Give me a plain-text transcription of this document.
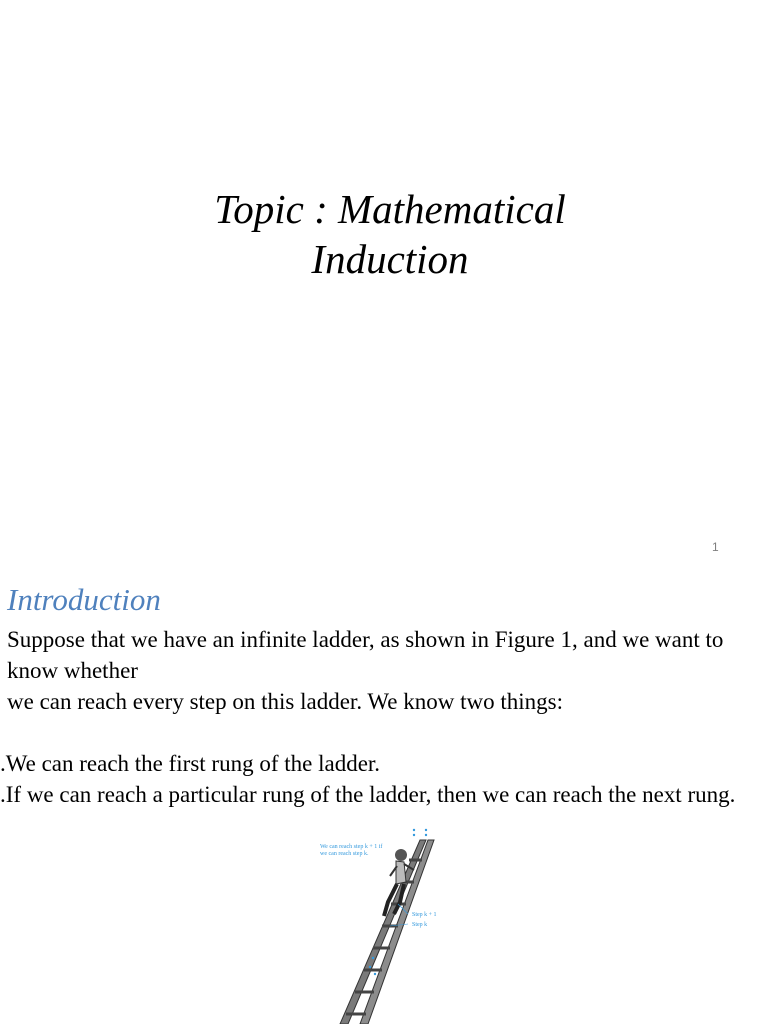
Topic : Mathematical
Induction
1
Introduction

Suppose that we have an infinite ladder, as shown in Figure 1, and we want to know whether

we can reach every step on this ladder. We know two things:

.We can reach the first rung of the ladder.

.If we can reach a particular rung of the ladder, then we can reach the next rung.

We can reach step k + 1 if
we can reach step k.
Step k + 1
Step k
